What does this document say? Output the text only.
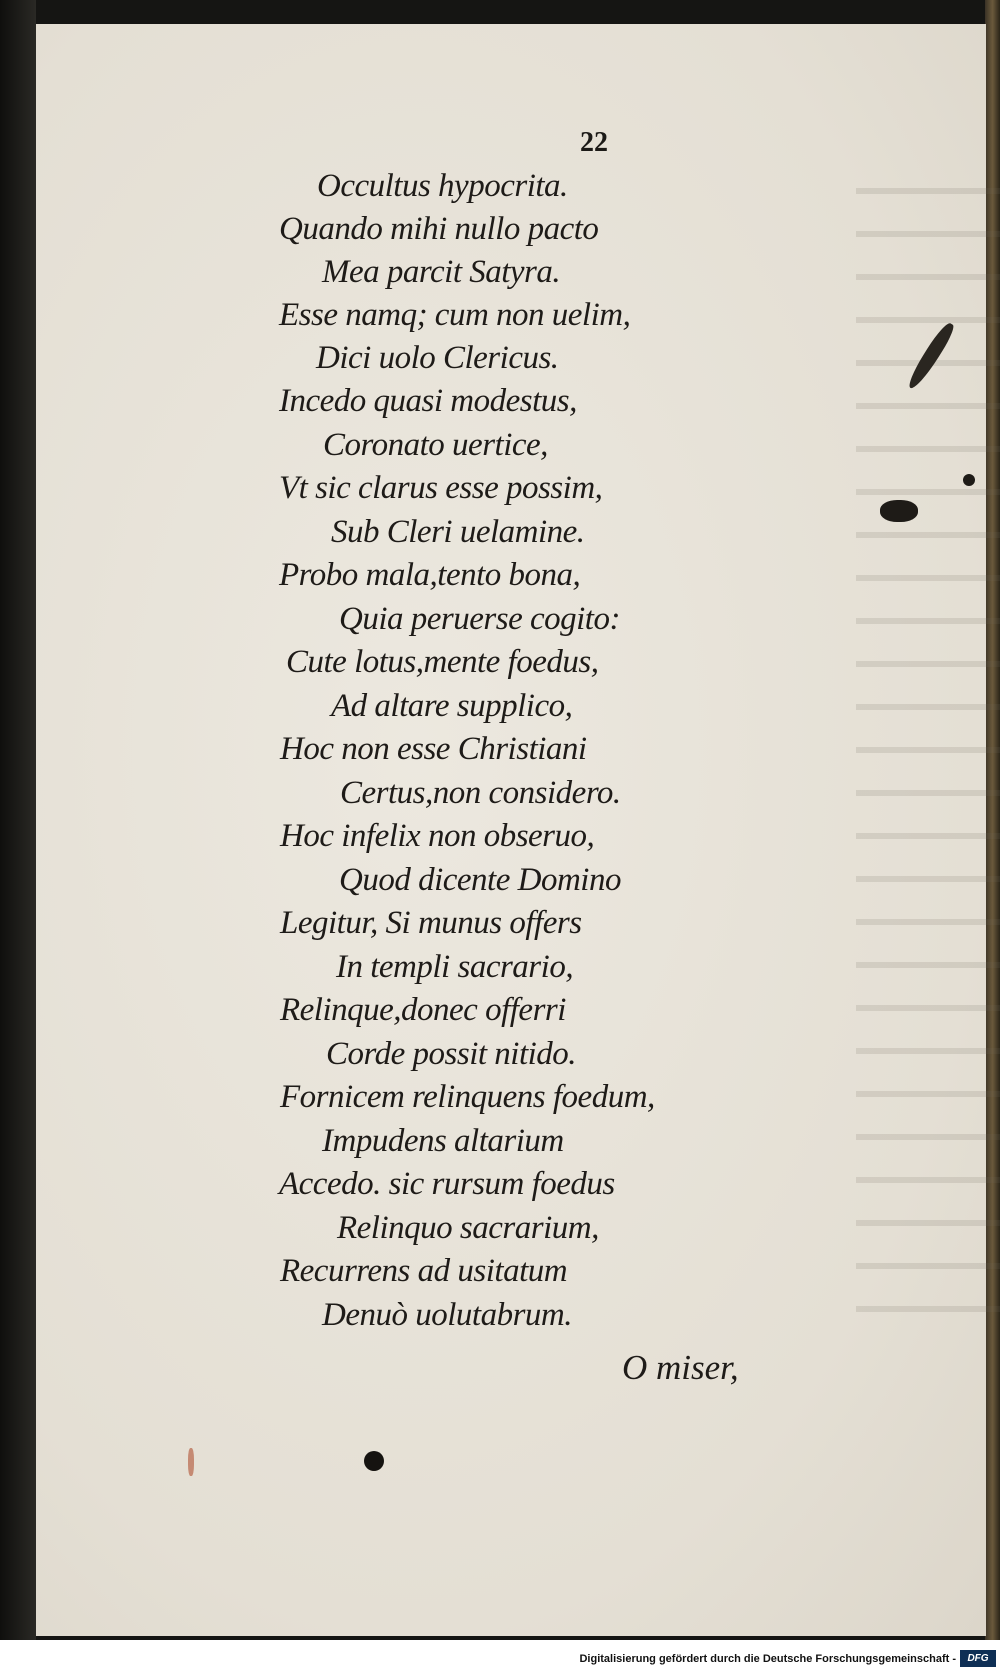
22
Occultus hypocrita.
Quando mihi nullo pacto
Mea parcit Satyra.
Esse namq; cum non uelim,
Dici uolo Clericus.
Incedo quasi modestus,
Coronato uertice,
Vt sic clarus esse possim,
Sub Cleri uelamine.
Probo mala,tento bona,
Quia peruerse cogito:
Cute lotus,mente foedus,
Ad altare supplico,
Hoc non esse Christiani
Certus,non considero.
Hoc infelix non obseruo,
Quod dicente Domino
Legitur, Si munus offers
In templi sacrario,
Relinque,donec offerri
Corde possit nitido.
Fornicem relinquens foedum,
Impudens altarium
Accedo. sic rursum foedus
Relinquo sacrarium,
Recurrens ad usitatum
Denuò uolutabrum.
O miser,
Digitalisierung gefördert durch die Deutsche Forschungsgemeinschaft -	DFG
